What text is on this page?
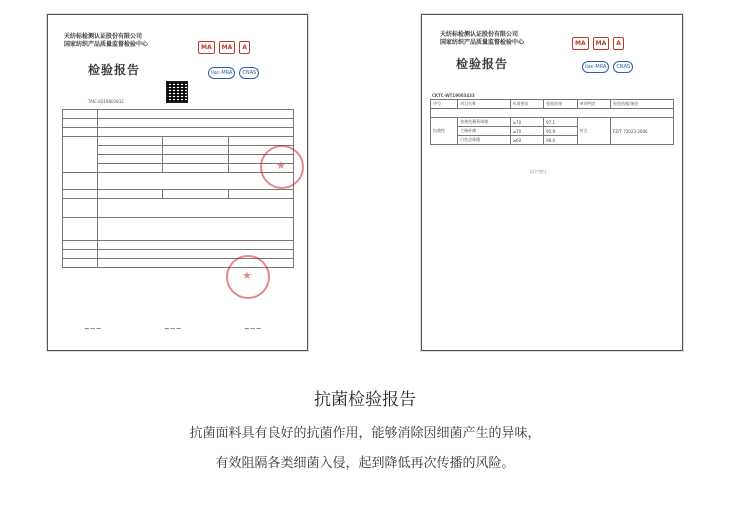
天纺标检测认证股份有限公司
国家纺织产品质量监督检验中心	MA	MA	A
检验报告	ilac-MRA	CNAS
TAIC-8219803832

★
★
~~~	~~~	~~~
天纺标检测认证股份有限公司
国家纺织产品质量监督检验中心	MA	MA	A
检验报告	ilac-MRA	CNAS
CKTC-WT19003433
序号	项目名称	标准要求	检验结果	单项判定	检验依据/备注

抗菌性	金黄色葡萄球菌	≥70	97.1	符合	FZ/T 73023-2006
	大肠杆菌	≥70	95.9		
	白色念珠菌	≥60	96.0		
以下空白
抗菌检验报告
抗菌面料具有良好的抗菌作用，能够消除因细菌产生的异味，
有效阻隔各类细菌入侵，起到降低再次传播的风险。
